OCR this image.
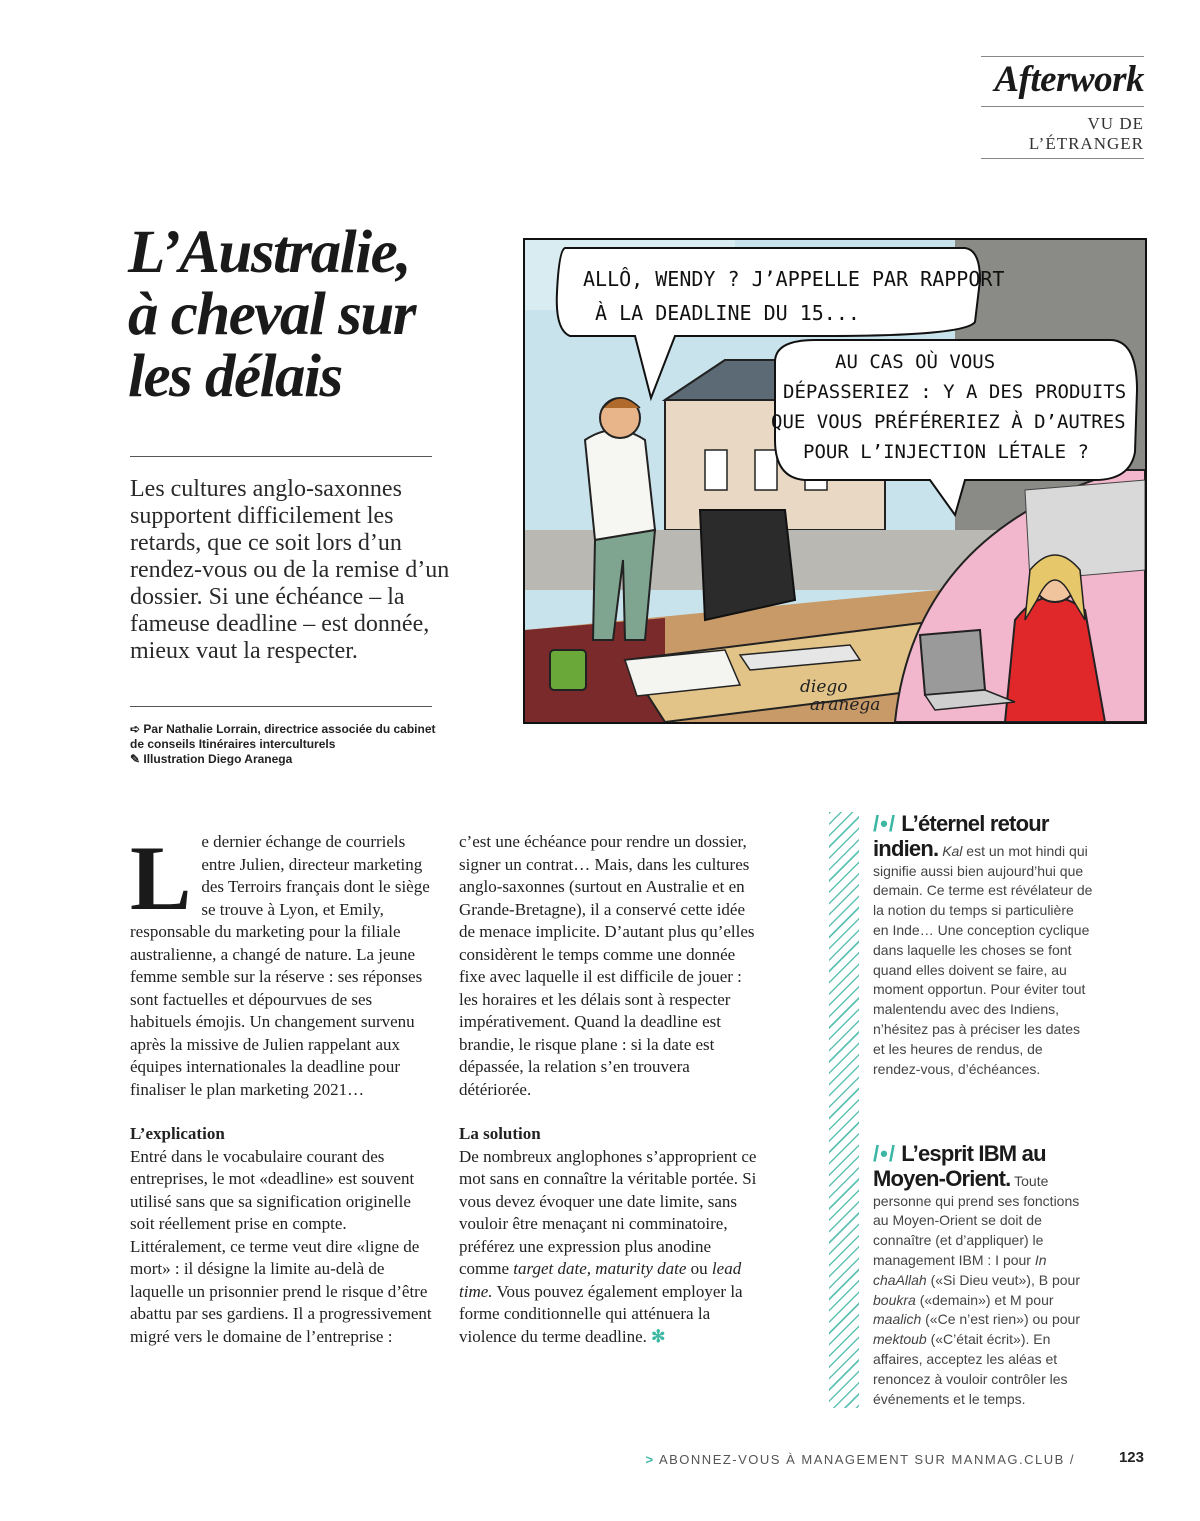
Afterwork
VU DE
L’ÉTRANGER
L’Australie,
à cheval sur
les délais
Les cultures anglo-saxonnes supportent difficilement les retards, que ce soit lors d’un rendez-vous ou de la remise d’un dossier. Si une échéance – la fameuse deadline – est donnée, mieux vaut la respecter.
➪ Par Nathalie Lorrain, directrice associée du cabinet de conseils Itinéraires interculturels
✎ Illustration Diego Aranega
ALLÔ, WENDY ? J’APPELLE PAR RAPPORT
À LA DEADLINE DU 15...
AU CAS OÙ VOUS
DÉPASSERIEZ : Y A DES PRODUITS
QUE VOUS PRÉFÉRERIEZ À D’AUTRES
POUR L’INJECTION LÉTALE ?
diego
aranega
L e dernier échange de courriels entre Julien, directeur marketing des Terroirs français dont le siège se trouve à Lyon, et Emily, responsable du marketing pour la filiale australienne, a changé de nature. La jeune femme semble sur la réserve : ses réponses sont factuelles et dépourvues de ses habituels émojis. Un changement survenu après la missive de Julien rappelant aux équipes internationales la deadline pour finaliser le plan marketing 2021…

L’explication

Entré dans le vocabulaire courant des entreprises, le mot «deadline» est souvent utilisé sans que sa signification originelle soit réellement prise en compte. Littéralement, ce terme veut dire «ligne de mort» : il désigne la limite au-delà de laquelle un prisonnier prend le risque d’être abattu par ses gardiens. Il a progressivement migré vers le domaine de l’entreprise :

c’est une échéance pour rendre un dossier, signer un contrat… Mais, dans les cultures anglo-saxonnes (surtout en Australie et en Grande-Bretagne), il a conservé cette idée de menace implicite. D’autant plus qu’elles considèrent le temps comme une donnée fixe avec laquelle il est difficile de jouer : les horaires et les délais sont à respecter impérativement. Quand la deadline est brandie, le risque plane : si la date est dépassée, la relation s’en trouvera détériorée.

La solution

De nombreux anglophones s’approprient ce mot sans en connaître la véritable portée. Si vous devez évoquer une date limite, sans vouloir être menaçant ni comminatoire, préférez une expression plus anodine comme target date, maturity date ou lead time. Vous pouvez également employer la forme conditionnelle qui atténuera la violence du terme deadline. ✻

/•/ L’éternel retour indien. Kal est un mot hindi qui signifie aussi bien aujourd’hui que demain. Ce terme est révélateur de la notion du temps si particulière en Inde… Une conception cyclique dans laquelle les choses se font quand elles doivent se faire, au moment opportun. Pour éviter tout malentendu avec des Indiens, n’hésitez pas à préciser les dates et les heures de rendus, de rendez-vous, d’échéances.
/•/ L’esprit IBM au Moyen-Orient. Toute personne qui prend ses fonctions au Moyen-Orient se doit de connaître (et d’appliquer) le management IBM : I pour In chaAllah («Si Dieu veut»), B pour boukra («demain») et M pour maalich («Ce n’est rien») ou pour mektoub («C’était écrit»). En affaires, acceptez les aléas et renoncez à vouloir contrôler les événements et le temps.
> ABONNEZ-VOUS À MANAGEMENT SUR MANMAG.CLUB /	123
